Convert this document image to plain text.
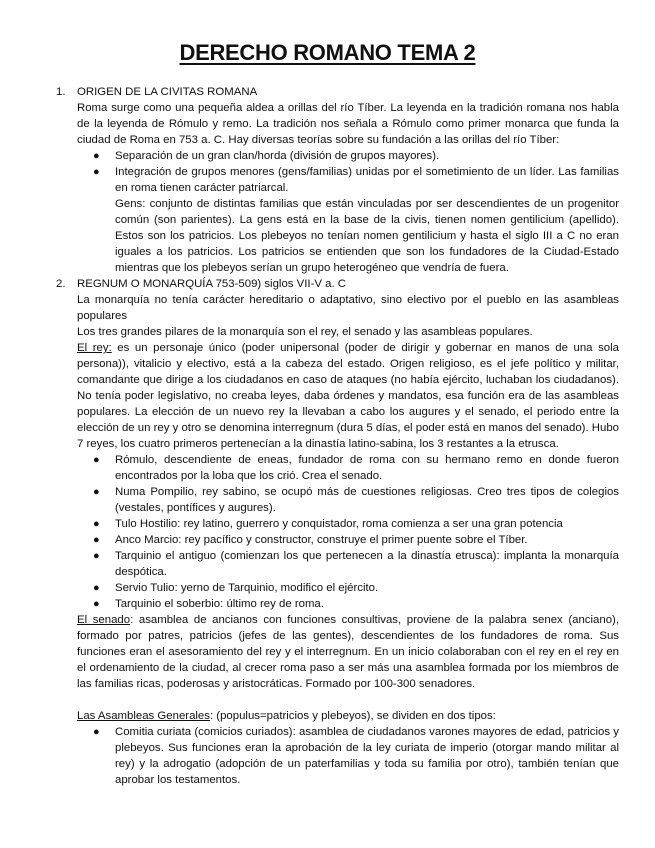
DERECHO ROMANO TEMA 2
1. ORIGEN DE LA CIVITAS ROMANA

Roma surge como una pequeña aldea a orillas del río Tíber. La leyenda en la tradición romana nos habla de la leyenda de Rómulo y remo. La tradición nos señala a Rómulo como primer monarca que funda la ciudad de Roma en 753 a. C. Hay diversas teorías sobre su fundación a las orillas del río Tíber:

● Separación de un gran clan/horda (división de grupos mayores).
● Integración de grupos menores (gens/familias) unidas por el sometimiento de un líder. Las familias en roma tienen carácter patriarcal.

Gens: conjunto de distintas familias que están vinculadas por ser descendientes de un progenitor común (son parientes). La gens está en la base de la civis, tienen nomen gentilicium (apellido). Estos son los patricios. Los plebeyos no tenían nomen gentilicium y hasta el siglo III a C no eran iguales a los patricios. Los patricios se entienden que son los fundadores de la Ciudad-Estado mientras que los plebeyos serían un grupo heterogéneo que vendría de fuera.

2. REGNUM O MONARQUÍA 753-509) siglos VII-V a. C

La monarquía no tenía carácter hereditario o adaptativo, sino electivo por el pueblo en las asambleas populares

Los tres grandes pilares de la monarquía son el rey, el senado y las asambleas populares.

El rey: es un personaje único (poder unipersonal (poder de dirigir y gobernar en manos de una sola persona)), vitalicio y electivo, está a la cabeza del estado. Origen religioso, es el jefe político y militar, comandante que dirige a los ciudadanos en caso de ataques (no había ejército, luchaban los ciudadanos). No tenía poder legislativo, no creaba leyes, daba órdenes y mandatos, esa función era de las asambleas populares. La elección de un nuevo rey la llevaban a cabo los augures y el senado, el periodo entre la elección de un rey y otro se denomina interregnum (dura 5 días, el poder está en manos del senado). Hubo 7 reyes, los cuatro primeros pertenecían a la dinastía latino-sabina, los 3 restantes a la etrusca.

● Rómulo, descendiente de eneas, fundador de roma con su hermano remo en donde fueron encontrados por la loba que los crió. Crea el senado.
● Numa Pompilio, rey sabino, se ocupó más de cuestiones religiosas. Creo tres tipos de colegios (vestales, pontífices y augures).
● Tulo Hostilio: rey latino, guerrero y conquistador, roma comienza a ser una gran potencia
● Anco Marcio: rey pacífico y constructor, construye el primer puente sobre el Tíber.
● Tarquinio el antiguo (comienzan los que pertenecen a la dinastía etrusca): implanta la monarquía despótica.
● Servio Tulio: yerno de Tarquinio, modifico el ejército.
● Tarquinio el soberbio: último rey de roma.

El senado: asamblea de ancianos con funciones consultivas, proviene de la palabra senex (anciano), formado por patres, patricios (jefes de las gentes), descendientes de los fundadores de roma. Sus funciones eran el asesoramiento del rey y el interregnum. En un inicio colaboraban con el rey en el rey en el ordenamiento de la ciudad, al crecer roma paso a ser más una asamblea formada por los miembros de las familias ricas, poderosas y aristocráticas. Formado por 100-300 senadores.

Las Asambleas Generales: (populus=patricios y plebeyos), se dividen en dos tipos:

● Comitia curiata (comicios curiados): asamblea de ciudadanos varones mayores de edad, patricios y plebeyos. Sus funciones eran la aprobación de la ley curiata de imperio (otorgar mando militar al rey) y la adrogatio (adopción de un paterfamilias y toda su familia por otro), también tenían que aprobar los testamentos.
